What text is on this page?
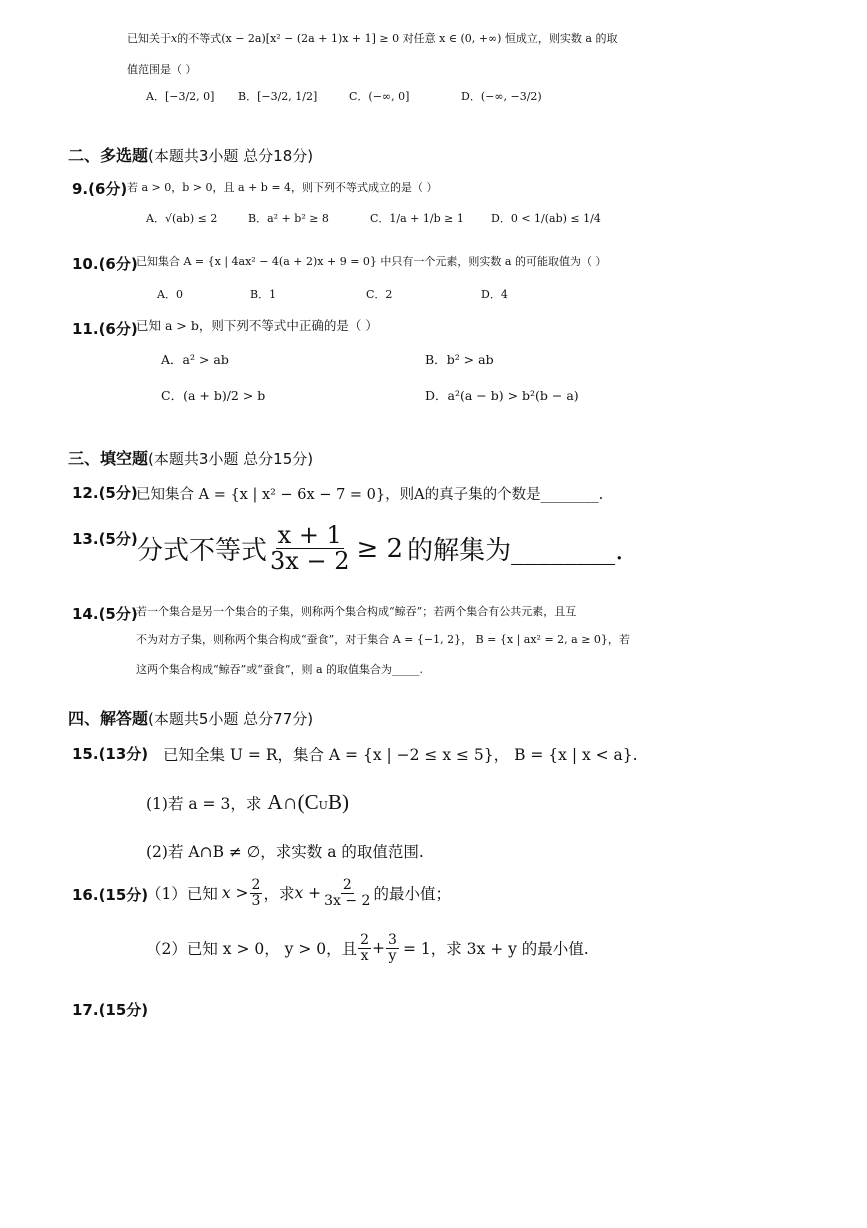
已知关于x的不等式(x − 2a)[x² − (2a + 1)x + 1] ≥ 0 对任意 x ∈ (0, +∞) 恒成立，则实数 a 的取
值范围是（ ）
A．[−3/2, 0] B．[−3/2, 1/2]	C．(−∞, 0]	D．(−∞, −3/2)
二、多选题(本题共3小题 总分18分)
9.(6分) 若 a > 0，b > 0，且 a + b = 4，则下列不等式成立的是（ ）
A．√(ab) ≤ 2	B．a² + b² ≥ 8	C．1/a + 1/b ≥ 1 D．0 < 1/(ab) ≤ 1/4
10.(6分)
已知集合 A = {x | 4ax² − 4(a + 2)x + 9 = 0} 中只有一个元素，则实数 a 的可能取值为（ ）
A．0	B．1	C．2	D．4
11.(6分)
已知 a > b，则下列不等式中正确的是（ ）
A．a² > ab	B．b² > ab
C．(a + b)/2 > b	D．a²(a − b) > b²(b − a)
三、填空题(本题共3小题 总分15分)
12.(5分)
已知集合 A = {x | x² − 6x − 7 = 0}，则A的真子集的个数是________.
13.(5分) 分式不等式 $\frac{x + 1}{3x - 2} \ge 2$ 的解集为________.
14.(5分)
若一个集合是另一个集合的子集，则称两个集合构成“鲸吞”；若两个集合有公共元素，且互
不为对方子集，则称两个集合构成“蚕食”，对于集合 A = {−1, 2}， B = {x | ax² = 2, a ≥ 0}，若
这两个集合构成“鲸吞”或“蚕食”，则 a 的取值集合为_____.
四、解答题(本题共5小题 总分77分)
15.(13分) 已知全集 U = R，集合 A = {x | −2 ≤ x ≤ 5}， B = {x | x < a}.
(1)若 a = 3，求 A∩(C U B)
(2)若 A∩B ≠ ∅，求实数 a 的取值范围.
16.(15分)
（1）已知 $x > \frac{2}{3}$ ，求 $x + \frac{2}{3x - 2}$ 的最小值；
（2）已知 x > 0， y > 0，且 $\frac{2}{x} + \frac{3}{y} = 1$，求 3x + y 的最小值.
17.(15分)
